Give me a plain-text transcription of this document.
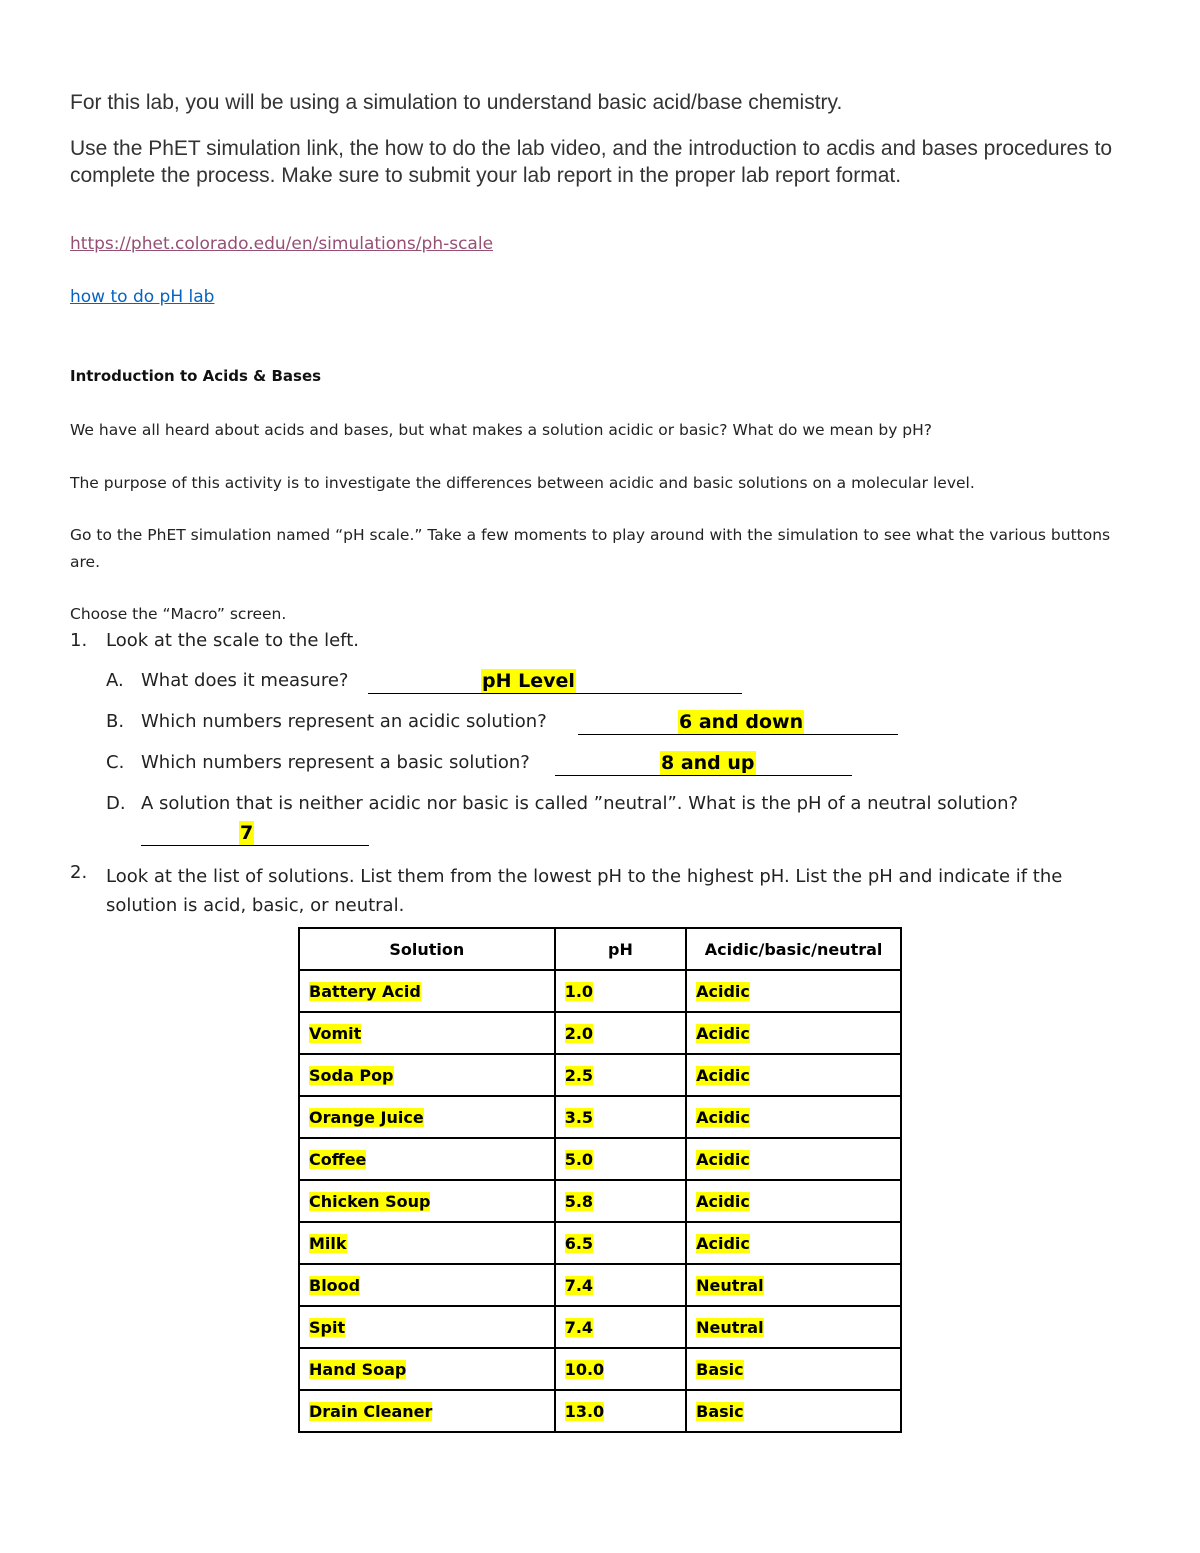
For this lab, you will be using a simulation to understand basic acid/base chemistry.
Use the PhET simulation link, the how to do the lab video, and the introduction to acdis and bases procedures to complete the process. Make sure to submit your lab report in the proper lab report format.
https://phet.colorado.edu/en/simulations/ph-scale
how to do pH lab
Introduction to Acids & Bases
We have all heard about acids and bases, but what makes a solution acidic or basic? What do we mean by pH?
The purpose of this activity is to investigate the differences between acidic and basic solutions on a molecular level.
Go to the PhET simulation named “pH scale.” Take a few moments to play around with the simulation to see what the various buttons are.
Choose the “Macro” screen.
1. Look at the scale to the left.
A. What does it measure?	pH Level
B. Which numbers represent an acidic solution?	6 and down
C. Which numbers represent a basic solution?	8 and up
D. A solution that is neither acidic nor basic is called ”neutral”. What is the pH of a neutral solution?
7
2. Look at the list of solutions. List them from the lowest pH to the highest pH. List the pH and indicate if the solution is acid, basic, or neutral.
Solution	pH	Acidic/basic/neutral
Battery Acid	1.0	Acidic
Vomit	2.0	Acidic
Soda Pop	2.5	Acidic
Orange Juice	3.5	Acidic
Coffee	5.0	Acidic
Chicken Soup	5.8	Acidic
Milk	6.5	Acidic
Blood	7.4	Neutral
Spit	7.4	Neutral
Hand Soap	10.0	Basic
Drain Cleaner	13.0	Basic
